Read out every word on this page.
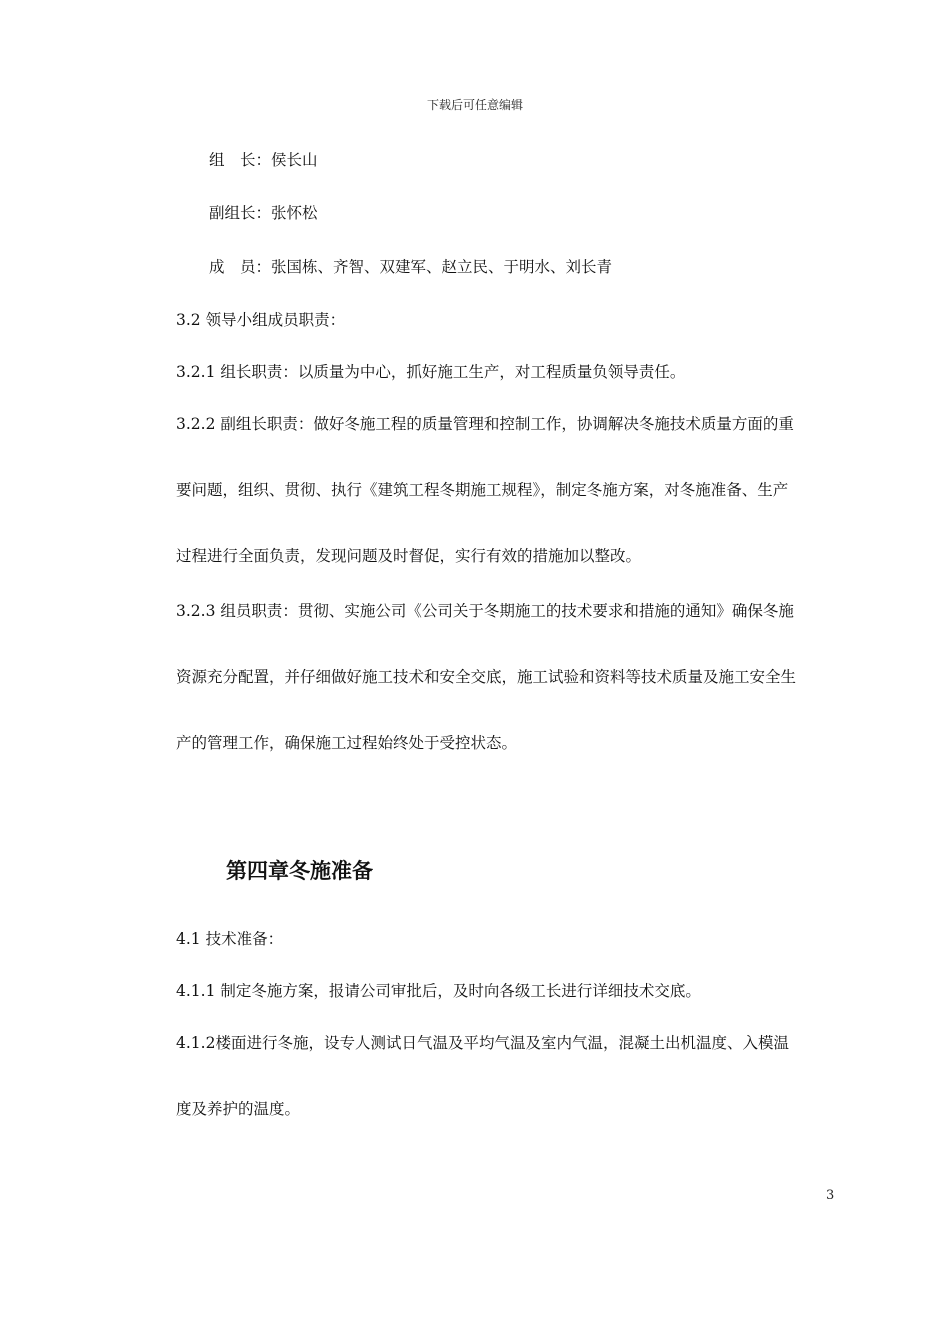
下载后可任意编辑
组　长：侯长山
副组长：张怀松
成　员：张国栋、齐智、双建军、赵立民、于明水、刘长青
3.2 领导小组成员职责：
3.2.1 组长职责：以质量为中心，抓好施工生产，对工程质量负领导责任。
3.2.2 副组长职责：做好冬施工程的质量管理和控制工作，协调解决冬施技术质量方面的重
要问题，组织、贯彻、执行《建筑工程冬期施工规程》，制定冬施方案，对冬施准备、生产
过程进行全面负责，发现问题及时督促，实行有效的措施加以整改。
3.2.3 组员职责：贯彻、实施公司《公司关于冬期施工的技术要求和措施的通知》确保冬施
资源充分配置，并仔细做好施工技术和安全交底，施工试验和资料等技术质量及施工安全生
产的管理工作，确保施工过程始终处于受控状态。
第四章冬施准备
4.1 技术准备：
4.1.1 制定冬施方案，报请公司审批后，及时向各级工长进行详细技术交底。
4.1.2楼面进行冬施，设专人测试日气温及平均气温及室内气温，混凝土出机温度、入模温
度及养护的温度。
3
